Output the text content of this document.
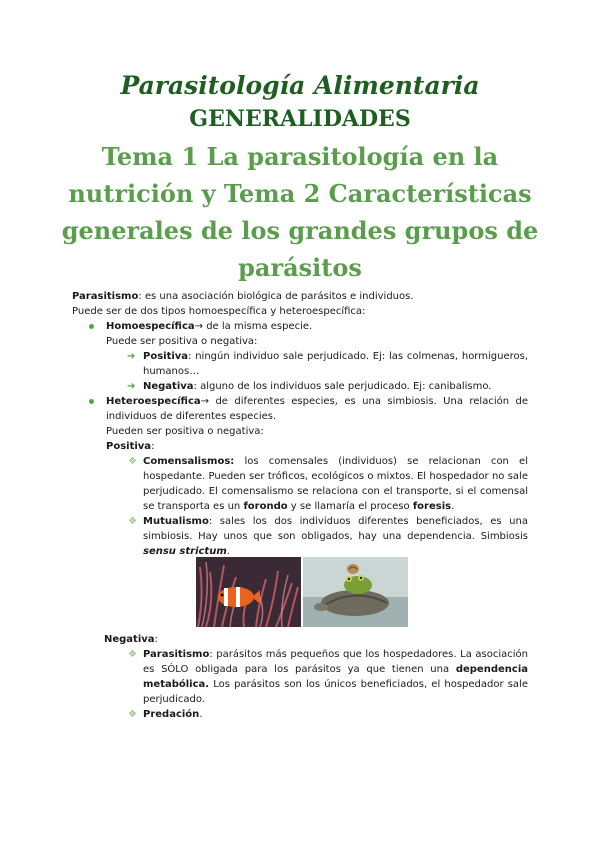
Parasitología Alimentaria
GENERALIDADES
Tema 1 La parasitología en la nutrición y Tema 2 Características generales de los grandes grupos de parásitos

Parasitismo: es una asociación biológica de parásitos e individuos.

Puede ser de dos tipos homoespecífica y heteroespecífica:

Homoespecífica→ de la misma especie.

Puede ser positiva o negativa:

➔ Positiva: ningún individuo sale perjudicado. Ej: las colmenas, hormigueros, humanos…

➔ Negativa: alguno de los individuos sale perjudicado. Ej: canibalismo.

Heteroespecífica→ de diferentes especies, es una simbiosis. Una relación de individuos de diferentes especies.

Pueden ser positiva o negativa:

Positiva:

❖ Comensalismos: los comensales (individuos) se relacionan con el hospedante. Pueden ser tróficos, ecológicos o mixtos. El hospedador no sale perjudicado. El comensalismo se relaciona con el transporte, si el comensal se transporta es un forondo y se llamaría el proceso foresis.

❖ Mutualismo: sales los dos individuos diferentes beneficiados, es una simbiosis. Hay unos que son obligados, hay una dependencia. Simbiosis sensu strictum.

Negativa:

❖ Parasitismo: parásitos más pequeños que los hospedadores. La asociación es SÓLO obligada para los parásitos ya que tienen una dependencia metabólica. Los parásitos son los únicos beneficiados, el hospedador sale perjudicado.

❖ Predación.
